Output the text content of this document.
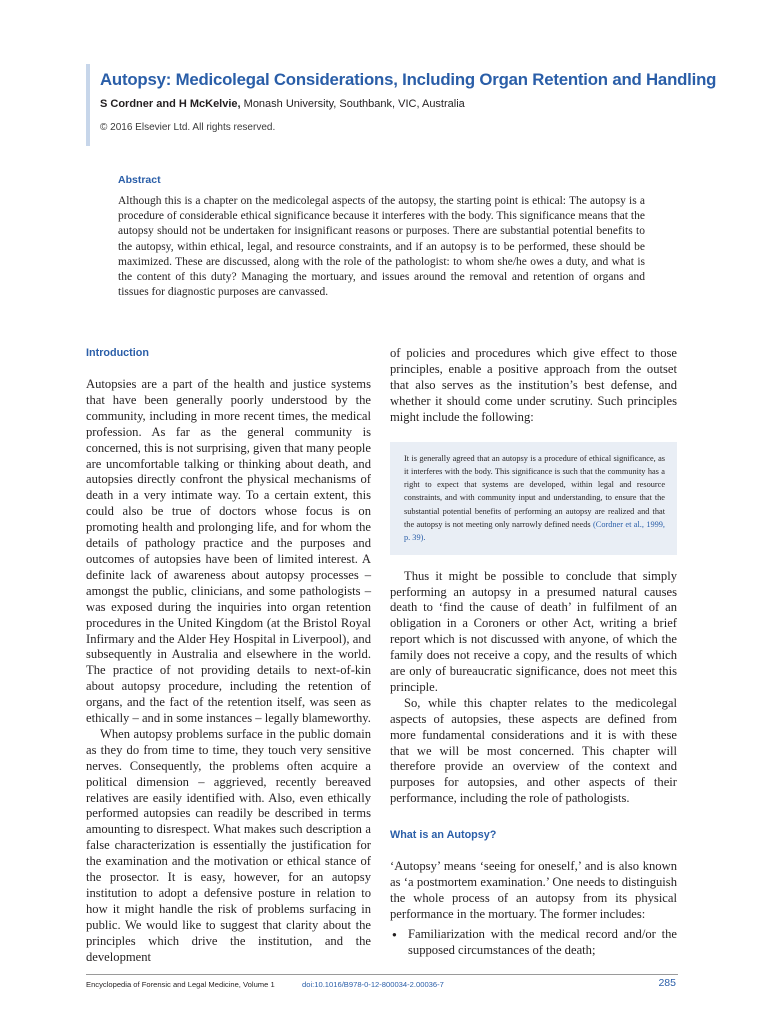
Autopsy: Medicolegal Considerations, Including Organ Retention and Handling
S Cordner and H McKelvie, Monash University, Southbank, VIC, Australia
© 2016 Elsevier Ltd. All rights reserved.
Abstract
Although this is a chapter on the medicolegal aspects of the autopsy, the starting point is ethical: The autopsy is a procedure of considerable ethical significance because it interferes with the body. This significance means that the autopsy should not be undertaken for insignificant reasons or purposes. There are substantial potential benefits to the autopsy, within ethical, legal, and resource constraints, and if an autopsy is to be performed, these should be maximized. These are discussed, along with the role of the pathologist: to whom she/he owes a duty, and what is the content of this duty? Managing the mortuary, and issues around the removal and retention of organs and tissues for diagnostic purposes are canvassed.
Introduction

Autopsies are a part of the health and justice systems that have been generally poorly understood by the community, including in more recent times, the medical profession. As far as the general community is concerned, this is not surprising, given that many people are uncomfortable talking or thinking about death, and autopsies directly confront the physical mechanisms of death in a very intimate way. To a certain extent, this could also be true of doctors whose focus is on promoting health and prolonging life, and for whom the details of pathology practice and the purposes and outcomes of autopsies have been of limited interest. A definite lack of awareness about autopsy processes – amongst the public, clinicians, and some pathologists – was exposed during the inquiries into organ retention procedures in the United Kingdom (at the Bristol Royal Infirmary and the Alder Hey Hospital in Liverpool), and subsequently in Australia and elsewhere in the world. The practice of not providing details to next-of-kin about autopsy procedure, including the retention of organs, and the fact of the retention itself, was seen as ethically – and in some instances – legally blameworthy.

When autopsy problems surface in the public domain as they do from time to time, they touch very sensitive nerves. Consequently, the problems often acquire a political dimension – aggrieved, recently bereaved relatives are easily identified with. Also, even ethically performed autopsies can readily be described in terms amounting to disrespect. What makes such description a false characterization is essentially the justification for the examination and the motivation or ethical stance of the prosector. It is easy, however, for an autopsy institution to adopt a defensive posture in relation to how it might handle the risk of problems surfacing in public. We would like to suggest that clarity about the principles which drive the institution, and the development

of policies and procedures which give effect to those principles, enable a positive approach from the outset that also serves as the institution’s best defense, and whether it should come under scrutiny. Such principles might include the following:

It is generally agreed that an autopsy is a procedure of ethical significance, as it interferes with the body. This significance is such that the community has a right to expect that systems are developed, within legal and resource constraints, and with community input and understanding, to ensure that the substantial potential benefits of performing an autopsy are realized and that the autopsy is not meeting only narrowly defined needs (Cordner et al., 1999, p. 39).

Thus it might be possible to conclude that simply performing an autopsy in a presumed natural causes death to ‘find the cause of death’ in fulfilment of an obligation in a Coroners or other Act, writing a brief report which is not discussed with anyone, of which the family does not receive a copy, and the results of which are only of bureaucratic significance, does not meet this principle.

So, while this chapter relates to the medicolegal aspects of autopsies, these aspects are defined from more fundamental considerations and it is with these that we will be most concerned. This chapter will therefore provide an overview of the context and purposes for autopsies, and other aspects of their performance, including the role of pathologists.

What is an Autopsy?

‘Autopsy’ means ‘seeing for oneself,’ and is also known as ‘a postmortem examination.’ One needs to distinguish the whole process of an autopsy from its physical performance in the mortuary. The former includes:

● Familiarization with the medical record and/or the supposed circumstances of the death;
Encyclopedia of Forensic and Legal Medicine, Volume 1	doi:10.1016/B978-0-12-800034-2.00036-7	285
